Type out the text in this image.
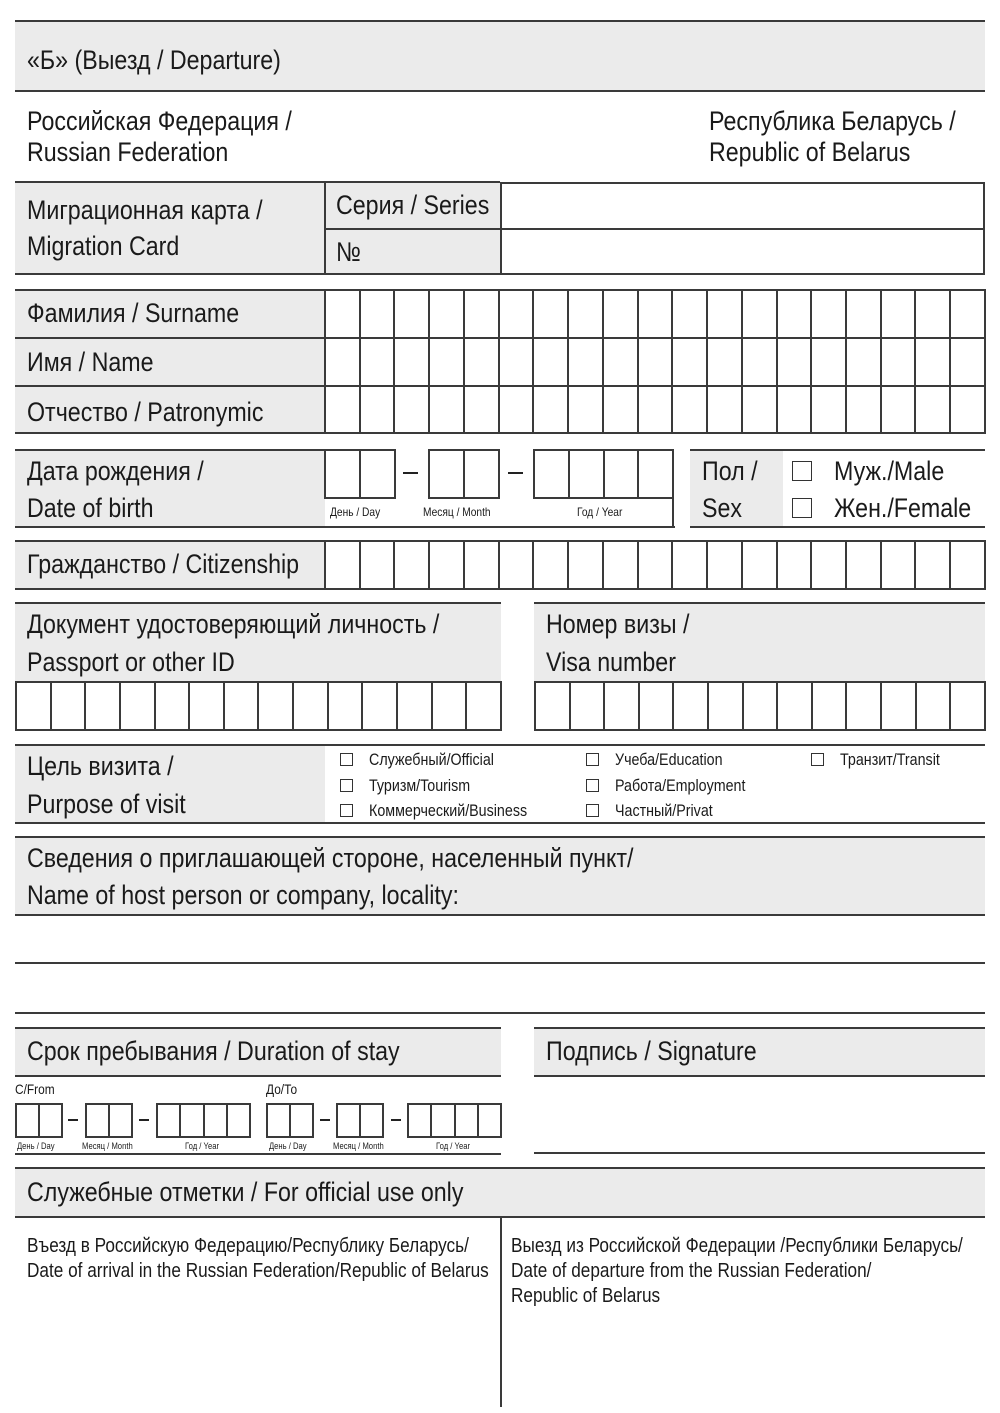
«Б» (Выезд / Departure)
Российская Федерация /
Russian Federation
Республика Беларусь /
Republic of Belarus
Миграционная карта /
Migration Card
Серия / Series
№
Фамилия / Surname
Имя / Name
Отчество / Patronymic
Дата рождения /
Date of birth	День / Day	Месяц / Month	Год / Year
Пол /
Sex
Муж./Male
Жен./Female
Гражданство / Citizenship
Документ удостоверяющий личность /
Passport or other ID
Номер визы /
Visa number
Цель визита /
Purpose of visit
Служебный/Official
Туризм/Tourism
Коммерческий/Business
Учеба/Education
Работа/Employment
Частный/Privat
Транзит/Transit
Сведения о приглашающей стороне, населенный пункт/
Name of host person or company, locality:
Срок пребывания / Duration of stay
С/From
День / Day	Месяц / Month	Год / Year
До/То
День / Day	Месяц / Month	Год / Year
Подпись / Signature
Служебные отметки / For official use only
Въезд в Российскую Федерацию/Республику Беларусь/
Date of arrival in the Russian Federation/Republic of Belarus
Выезд из Российской Федерации /Республики Беларусь/
Date of departure from the Russian Federation/
Republic of Belarus
